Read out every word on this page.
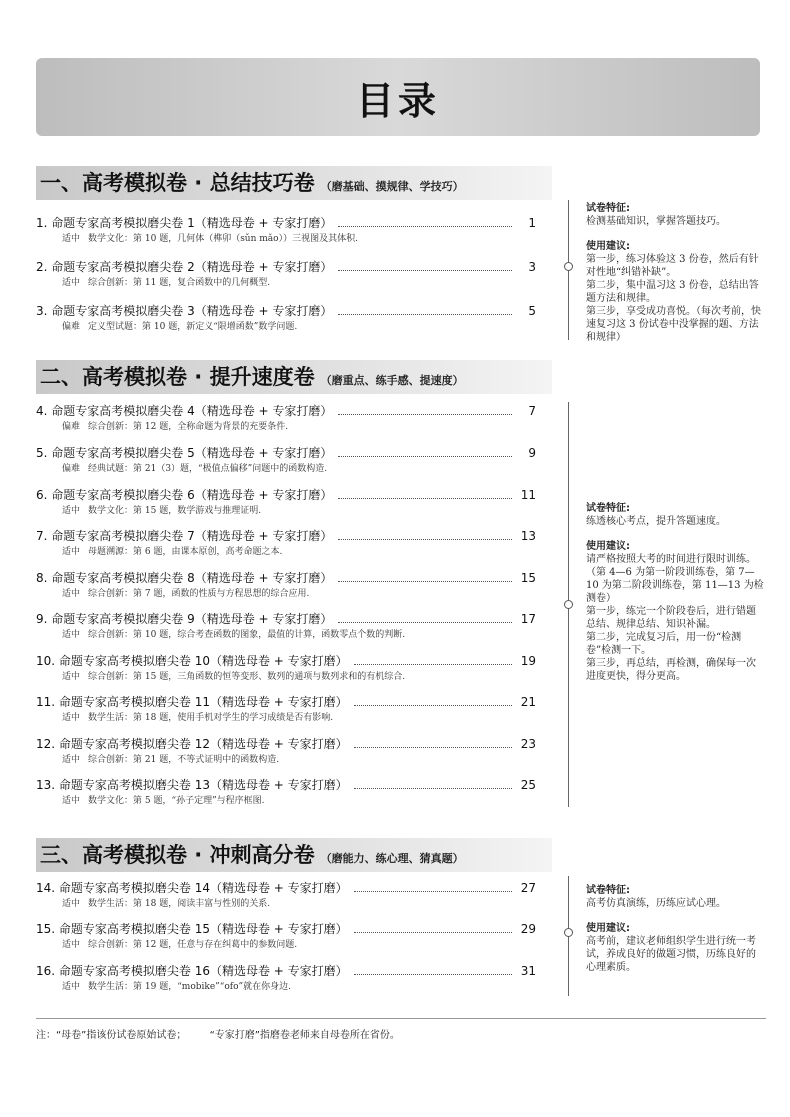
目录
一、高考模拟卷 · 总结技巧卷 （磨基础、摸规律、学技巧）
1. 命题专家高考模拟磨尖卷 1（精选母卷 + 专家打磨）	1
适中 数学文化：第 10 题，几何体（榫卯（sǔn mǎo））三视图及其体积.
2. 命题专家高考模拟磨尖卷 2（精选母卷 + 专家打磨）	3
适中 综合创新：第 11 题，复合函数中的几何概型.
3. 命题专家高考模拟磨尖卷 3（精选母卷 + 专家打磨）	5
偏难 定义型试题：第 10 题，新定义“限增函数”数学问题.
二、高考模拟卷 · 提升速度卷 （磨重点、练手感、提速度）
4. 命题专家高考模拟磨尖卷 4（精选母卷 + 专家打磨）	7
偏难 综合创新：第 12 题，全称命题为背景的充要条件.
5. 命题专家高考模拟磨尖卷 5（精选母卷 + 专家打磨）	9
偏难 经典试题：第 21（3）题，“极值点偏移”问题中的函数构造.
6. 命题专家高考模拟磨尖卷 6（精选母卷 + 专家打磨）	11
适中 数学文化：第 15 题，数学游戏与推理证明.
7. 命题专家高考模拟磨尖卷 7（精选母卷 + 专家打磨）	13
适中 母题溯源：第 6 题，由课本原创，高考命题之本.
8. 命题专家高考模拟磨尖卷 8（精选母卷 + 专家打磨）	15
适中 综合创新：第 7 题，函数的性质与方程思想的综合应用.
9. 命题专家高考模拟磨尖卷 9（精选母卷 + 专家打磨）	17
适中 综合创新：第 10 题，综合考查函数的图象，最值的计算，函数零点个数的判断.
10. 命题专家高考模拟磨尖卷 10（精选母卷 + 专家打磨）	19
适中 综合创新：第 15 题，三角函数的恒等变形、数列的通项与数列求和的有机综合.
11. 命题专家高考模拟磨尖卷 11（精选母卷 + 专家打磨）	21
适中 数学生活：第 18 题，使用手机对学生的学习成绩是否有影响.
12. 命题专家高考模拟磨尖卷 12（精选母卷 + 专家打磨）	23
适中 综合创新：第 21 题，不等式证明中的函数构造.
13. 命题专家高考模拟磨尖卷 13（精选母卷 + 专家打磨）	25
适中 数学文化：第 5 题，“孙子定理”与程序框图.
三、高考模拟卷 · 冲刺高分卷 （磨能力、练心理、猜真题）
14. 命题专家高考模拟磨尖卷 14（精选母卷 + 专家打磨）	27
适中 数学生活：第 18 题，阅读丰富与性别的关系.
15. 命题专家高考模拟磨尖卷 15（精选母卷 + 专家打磨）	29
适中 综合创新：第 12 题，任意与存在纠葛中的参数问题.
16. 命题专家高考模拟磨尖卷 16（精选母卷 + 专家打磨）	31
适中 数学生活：第 19 题，“mobike”“ofo”就在你身边.
试卷特征:
检测基础知识，掌握答题技巧。
使用建议:
第一步，练习体验这 3 份卷，然后有针对性地“纠错补缺”。
第二步，集中温习这 3 份卷，总结出答题方法和规律。
第三步，享受成功喜悦。（每次考前，快速复习这 3 份试卷中没掌握的题、方法和规律）
试卷特征:
练透核心考点，提升答题速度。
使用建议:
请严格按照大考的时间进行限时训练。
（第 4—6 为第一阶段训练卷，第 7—10 为第二阶段训练卷，第 11—13 为检测卷）
第一步，练完一个阶段卷后，进行错题总结、规律总结、知识补漏。
第二步，完成复习后，用一份“检测卷”检测一下。
第三步，再总结，再检测，确保每一次进度更快，得分更高。
试卷特征:
高考仿真演练，历练应试心理。
使用建议:
高考前，建议老师组织学生进行统一考试，养成良好的做题习惯，历练良好的心理素质。
注：“母卷”指该份试卷原始试卷； “专家打磨”指磨卷老师来自母卷所在省份。
